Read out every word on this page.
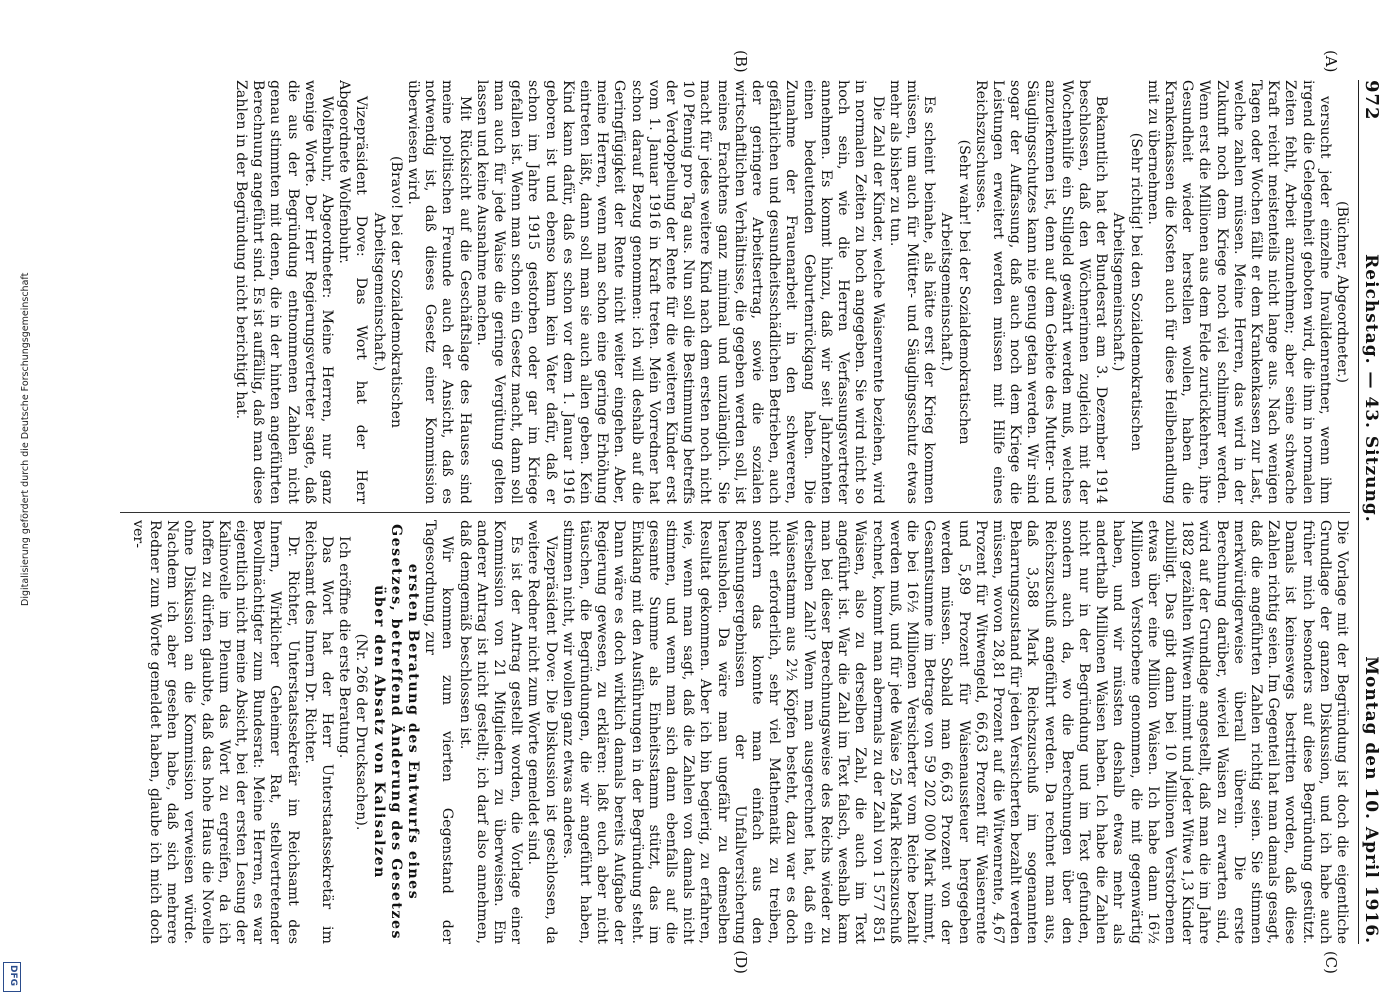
Digitalisierung gefördert durch die Deutsche Forschungsgemeinschaft
DFG
972
Reichstag. — 43. Sitzung.
Montag den 10. April 1916.
(A)
(B)
(C)
(D)

(Büchner, Abgeordneter.)

versucht jeder einzelne Invalidenrentner, wenn ihm irgend die Gelegenheit geboten wird, die ihm in normalen Zeiten fehlt, Arbeit anzunehmen; aber seine schwache Kraft reicht meistenteils nicht lange aus. Nach wenigen Tagen oder Wochen fällt er dem Krankenkassen zur Last, welche zahlen müssen. Meine Herren, das wird in der Zukunft noch dem Kriege noch viel schlimmer werden. Wenn erst die Millionen aus dem Felde zurückkehren, ihre Gesundheit wieder herstellen wollen, haben die Krankenkassen die Kosten auch für diese Heilbehandlung mit zu übernehmen.

(Sehr richtig! bei den Sozialdemokratischen Arbeitsgemeinschaft.)

Bekanntlich hat der Bundesrat am 3. Dezember 1914 beschlossen, daß den Wöchnerinnen zugleich mit der Wochenhilfe ein Stillgeld gewährt werden muß, welches anzuerkennen ist, denn auf dem Gebiete des Mutter- und Säuglingsschutzes kann nie genug getan werden. Wir sind sogar der Auffassung, daß auch noch dem Kriege die Leistungen erweitert werden müssen mit Hilfe eines Reichszuschusses.

(Sehr wahr! bei der Sozialdemokratischen Arbeitsgemeinschaft.)

Es scheint beinahe, als hätte erst der Krieg kommen müssen, um auch für Mütter- und Säuglingsschutz etwas mehr als bisher zu tun.

Die Zahl der Kinder, welche Waisenrente beziehen, wird in normalen Zeiten zu hoch angegeben. Sie wird nicht so hoch sein, wie die Herren Verfassungsvertreter annehmen. Es kommt hinzu, daß wir seit Jahrzehnten einen bedeutenden Geburtenrückgang haben. Die Zunahme der Frauenarbeit in den schwereren, gefährlichen und gesundheitsschädlichen Betrieben, auch der geringere Arbeitsertrag, sowie die sozialen wirtschaftlichen Verhältnisse, die gegeben werden soll, ist meines Erachtens ganz minimal und unzulänglich. Sie macht für jedes weitere Kind nach dem ersten noch nicht 10 Pfennig pro Tag aus. Nun soll die Bestimmung betreffs der Verdoppelung der Rente für die weiteren Kinder erst vom 1. Januar 1916 in Kraft treten. Mein Vorredner hat schon darauf Bezug genommen: ich will deshalb auf die Geringfügigkeit der Rente nicht weiter eingehen. Aber, meine Herren, wenn man schon eine geringe Erhöhung eintreten läßt, dann soll man sie auch allen geben. Kein Kind kann dafür, daß es schon vor dem 1. Januar 1916 geboren ist und ebenso kann kein Vater dafür, daß er schon im Jahre 1915 gestorben oder gar im Kriege gefallen ist. Wenn man schon ein Gesetz macht, dann soll man auch für jede Waise die geringe Vergütung gelten lassen und keine Ausnahme machen.

Mit Rücksicht auf die Geschäftslage des Hauses sind meine politischen Freunde auch der Ansicht, daß es notwendig ist, daß dieses Gesetz einer Kommission überwiesen wird.

(Bravo! bei der Sozialdemokratischen Arbeitsgemeinschaft.)

Vizepräsident Dove: Das Wort hat der Herr Abgeordnete Wolfenbuhr.

Wolfenbuhr, Abgeordneter: Meine Herren, nur ganz wenige Worte. Der Herr Regierungsvertreter sagte, daß die aus der Begründung entnommenen Zahlen nicht genau stimmten mit denen, die in der hinten angeführten Berechnung angeführt sind. Es ist auffällig, daß man diese Zahlen in der Begründung nicht berichtigt hat.

Die Vorlage mit der Begründung ist doch die eigentliche Grundlage der ganzen Diskussion, und ich habe auch früher mich besonders auf diese Begründung gestützt. Damals ist keineswegs bestritten worden, daß diese Zahlen richtig seien. Im Gegenteil hat man damals gesagt, daß die angeführten Zahlen richtig seien. Sie stimmen merkwürdigerweise überall überein. Die erste Berechnung darüber, wieviel Waisen zu erwarten sind, wird auf der Grundlage angestellt, daß man die im Jahre 1882 gezählten Witwen nimmt und jeder Witwe 1,3 Kinder zubilligt. Das gibt dann bei 10 Millionen Verstorbenen etwas über eine Million Waisen. Ich habe dann 16½ Millionen Verstorbene genommen, die mit gegenwärtig haben, und wir müssten deshalb etwas mehr als anderthalb Millionen Waisen haben. Ich habe die Zahlen nicht nur in der Begründung und im Text gefunden, sondern auch da, wo die Berechnungen über den Reichszuschuß angeführt werden. Da rechnet man aus, daß 3,588 Mark Reichszuschuß im sogenannten Beharrungszustand für jeden Versicherten bezahlt werden müssen, wovon 28,81 Prozent auf die Witwenrente, 4,67 Prozent für Witwengeld, 66,63 Prozent für Waisenrente und 5,89 Prozent für Waisenaussteuer hergegeben werden müssen. Sobald man 66,63 Prozent von der Gesamtsumme im Betrage von 59 202 000 Mark nimmt, die bei 16½ Millionen Versicherter vom Reiche bezahlt werden muß, und für jede Waise 25 Mark Reichszuschuß rechnet, kommt man abermals zu der Zahl von 1 577 851 Waisen, also zu derselben Zahl, die auch im Text angeführt ist. War die Zahl im Text falsch, weshalb kam man bei dieser Berechnungsweise des Reichs wieder zu derselben Zahl? Wenn man ausgerechnet hat, daß ein Waisenstamm aus 2½ Köpfen besteht, dazu war es doch nicht erforderlich, sehr viel Mathematik zu treiben, sondern das konnte man einfach aus den Rechnungsergebnissen der Unfallversicherung herausholen. Da wäre man ungefähr zu demselben Resultat gekommen. Aber ich bin begierig, zu erfahren, wie, wenn man sagt, daß die Zahlen von damals nicht stimmen, und wenn man sich dann ebenfalls auf die gesamte Summe als Einheitsstamm stützt, das im Einklang mit den Ausführungen in der Begründung steht. Dann wäre es doch wirklich damals bereits Aufgabe der Regierung gewesen, zu erklären: laßt euch aber nicht täuschen, die Begründungen, die wir angeführt haben, stimmen nicht, wir wollen ganz etwas anderes.

Vizepräsident Dove: Die Diskussion ist geschlossen, da weitere Redner nicht zum Worte gemeldet sind.

Es ist der Antrag gestellt worden, die Vorlage einer Kommission von 21 Mitgliedern zu überweisen. Ein anderer Antrag ist nicht gestellt; ich darf also annehmen, daß demgemäß beschlossen ist.

Wir kommen zum vierten Gegenstand der Tagesordnung, zur

ersten Beratung des Entwurfs eines Gesetzes, betreffend Änderung des Gesetzes über den Absatz von Kalisalzen

(Nr. 266 der Drucksachen).

Ich eröffne die erste Beratung.

Das Wort hat der Herr Unterstaatssekretär im Reichsamt des Innern Dr. Richter.

Dr. Richter, Unterstaatssekretär im Reichsamt des Innern, Wirklicher Geheimer Rat, stellvertretender Bevollmächtigter zum Bundesrat: Meine Herren, es war eigentlich nicht meine Absicht, bei der ersten Lesung der Kalinovelle im Plenum das Wort zu ergreifen, da ich hoffen zu dürfen glaubte, daß das hohe Haus die Novelle ohne Diskussion an die Kommission verweisen würde. Nachdem ich aber gesehen habe, daß sich mehrere Redner zum Worte gemeldet haben, glaube ich mich doch ver-
